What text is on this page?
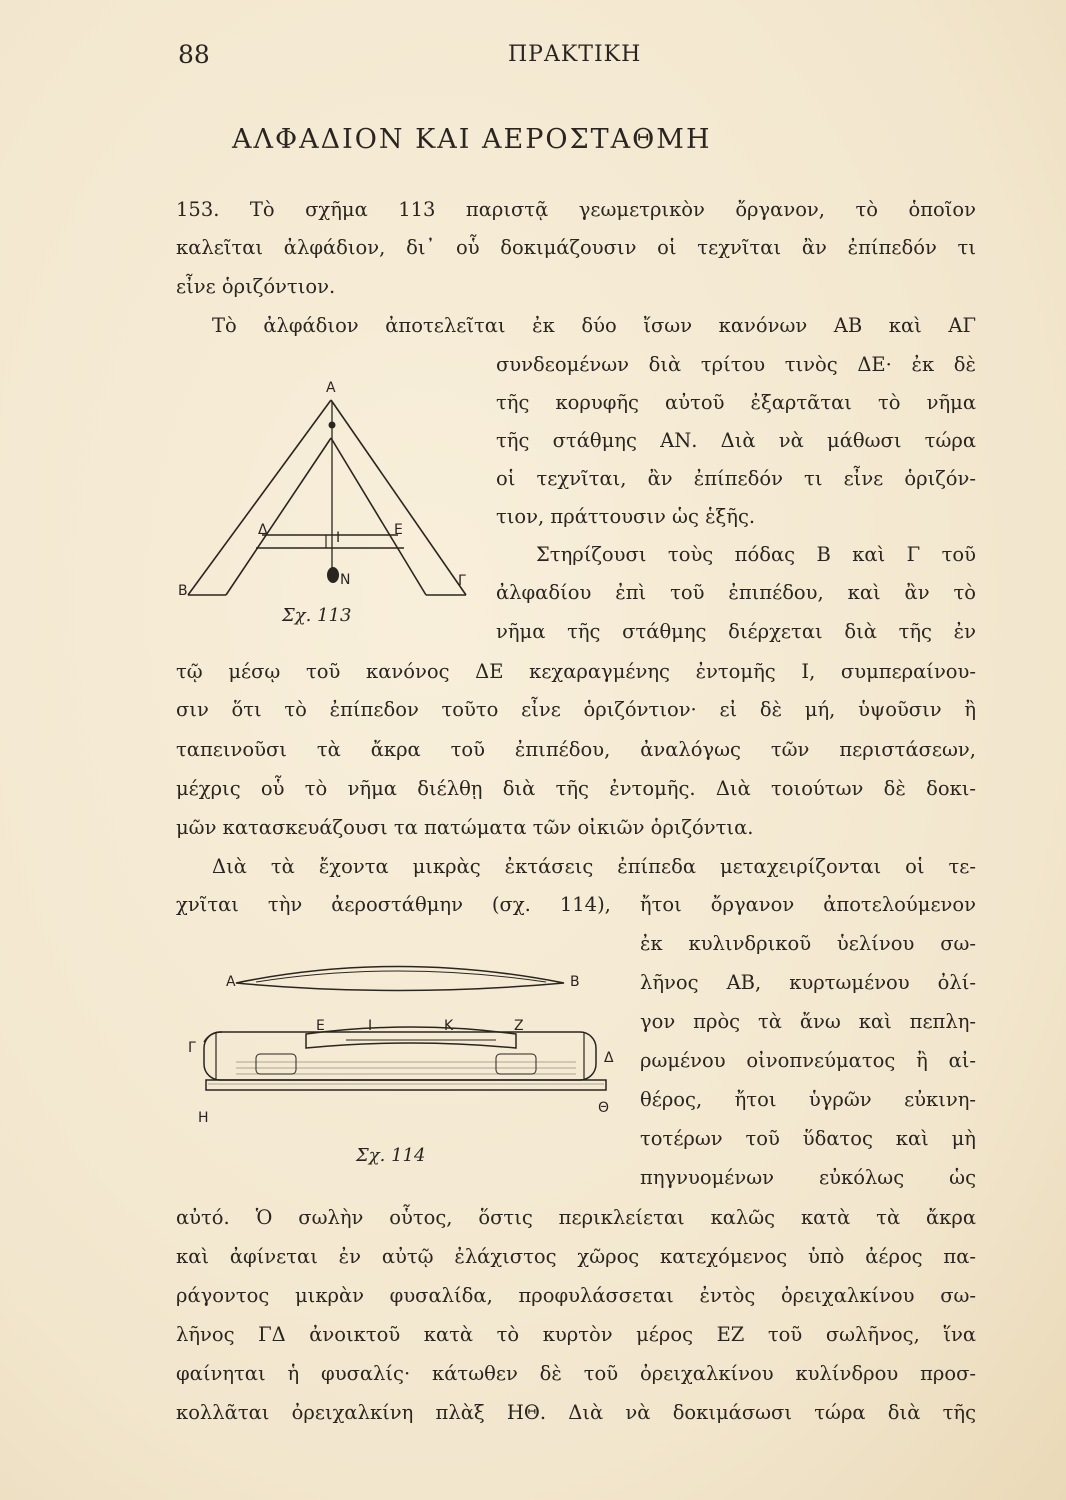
88	ΠΡΑΚΤΙΚΗ
ΑΛΦΑΔΙΟΝ ΚΑΙ ΑΕΡΟΣΤΑΘΜΗ
153. Τὸ σχῆμα 113 παριστᾷ γεωμετρικὸν ὄργανον, τὸ ὁποῖον
καλεῖται ἀλφάδιον, δι᾽ οὗ δοκιμάζουσιν οἱ τεχνῖται ἂν ἐπίπεδόν τι
εἶνε ὁριζόντιον.
Τὸ ἀλφάδιον ἀποτελεῖται ἐκ δύο ἴσων κανόνων ΑΒ καὶ ΑΓ
συνδεομένων διὰ τρίτου τινὸς ΔΕ· ἐκ δὲ
τῆς κορυφῆς αὐτοῦ ἐξαρτᾶται τὸ νῆμα
τῆς στάθμης ΑΝ. Διὰ νὰ μάθωσι τώρα
οἱ τεχνῖται, ἂν ἐπίπεδόν τι εἶνε ὁριζόν-
τιον, πράττουσιν ὡς ἑξῆς.
Στηρίζουσι τοὺς πόδας Β καὶ Γ τοῦ
ἀλφαδίου ἐπὶ τοῦ ἐπιπέδου, καὶ ἂν τὸ
νῆμα τῆς στάθμης διέρχεται διὰ τῆς ἐν
τῷ μέσῳ τοῦ κανόνος ΔΕ κεχαραγμένης ἐντομῆς Ι, συμπεραίνου-
σιν ὅτι τὸ ἐπίπεδον τοῦτο εἶνε ὁριζόντιον· εἰ δὲ μή, ὑψοῦσιν ἢ
ταπεινοῦσι τὰ ἄκρα τοῦ ἐπιπέδου, ἀναλόγως τῶν περιστάσεων,
μέχρις οὗ τὸ νῆμα διέλθῃ διὰ τῆς ἐντομῆς. Διὰ τοιούτων δὲ δοκι-
μῶν κατασκευάζουσι τα πατώματα τῶν οἰκιῶν ὁριζόντια.
Διὰ τὰ ἔχοντα μικρὰς ἐκτάσεις ἐπίπεδα μεταχειρίζονται οἱ τε-
χνῖται τὴν ἀεροστάθμην (σχ. 114), ἤτοι ὄργανον ἀποτελούμενον
ἐκ κυλινδρικοῦ ὑελίνου σω-
λῆνος ΑΒ, κυρτωμένου ὀλί-
γον πρὸς τὰ ἄνω καὶ πεπλη-
ρωμένου οἰνοπνεύματος ἢ αἰ-
θέρος, ἤτοι ὑγρῶν εὐκινη-
τοτέρων τοῦ ὕδατος καὶ μὴ
πηγνυομένων εὐκόλως ὡς
αὐτό. Ὁ σωλὴν οὗτος, ὅστις περικλείεται καλῶς κατὰ τὰ ἄκρα
καὶ ἀφίνεται ἐν αὐτῷ ἐλάχιστος χῶρος κατεχόμενος ὑπὸ ἀέρος πα-
ράγοντος μικρὰν φυσαλίδα, προφυλάσσεται ἐντὸς ὀρειχαλκίνου σω-
λῆνος ΓΔ ἀνοικτοῦ κατὰ τὸ κυρτὸν μέρος ΕΖ τοῦ σωλῆνος, ἵνα
φαίνηται ἡ φυσαλίς· κάτωθεν δὲ τοῦ ὀρειχαλκίνου κυλίνδρου προσ-
κολλᾶται ὀρειχαλκίνη πλὰξ ΗΘ. Διὰ νὰ δοκιμάσωσι τώρα διὰ τῆς
A
B
Γ
Δ	E
I
N
Σχ. 113
A	B
E	I	K	Z
Γ
Δ
H
Θ
Σχ. 114
